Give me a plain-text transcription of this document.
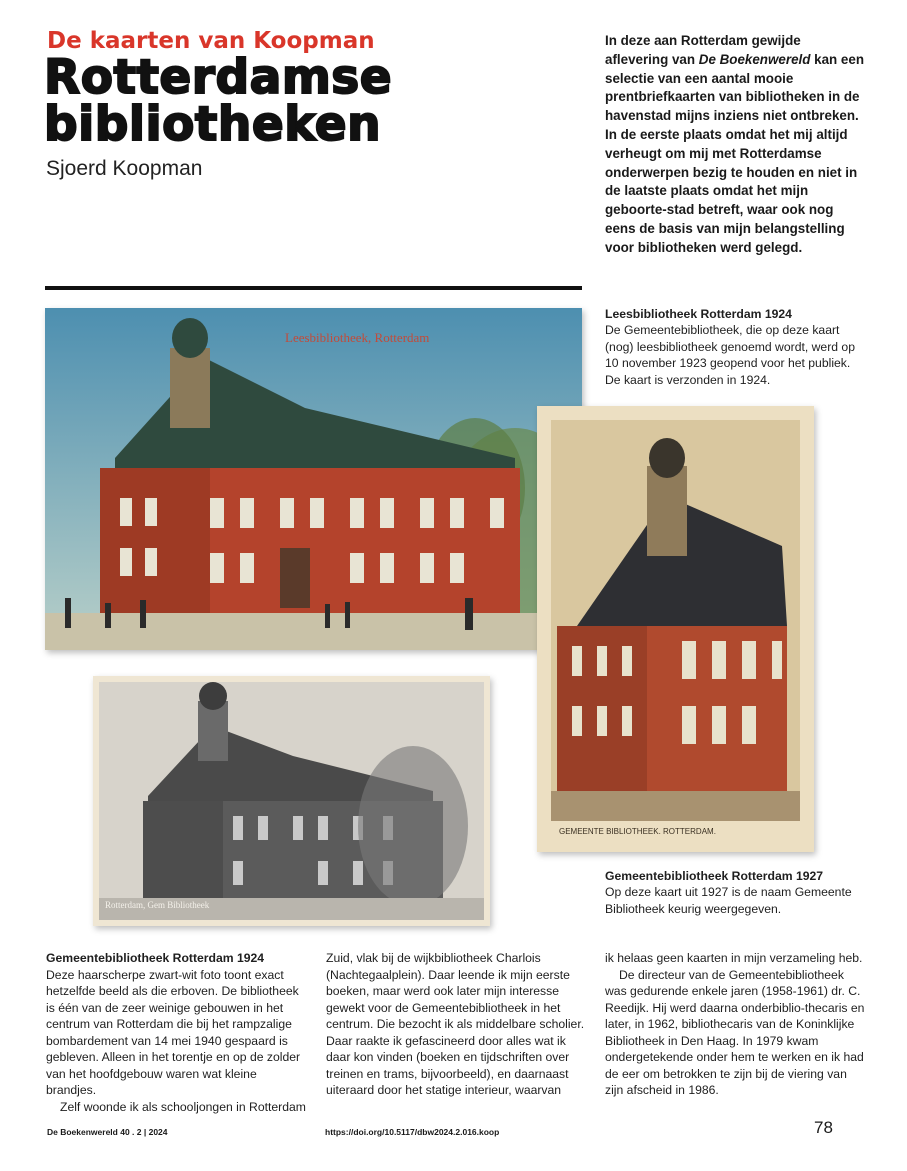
De kaarten van Koopman
Rotterdamse
bibliotheken
Sjoerd Koopman
In deze aan Rotterdam gewijde aflevering van De Boekenwereld kan een selectie van een aantal mooie prentbriefkaarten van bibliotheken in de havenstad mijns inziens niet ontbreken. In de eerste plaats omdat het mij altijd verheugt om mij met Rotterdamse onderwerpen bezig te houden en niet in de laatste plaats omdat het mijn geboorte-stad betreft, waar ook nog eens de basis van mijn belangstelling voor bibliotheken werd gelegd.
Leesbibliotheek, Rotterdam
GEMEENTE BIBLIOTHEEK. ROTTERDAM.
Rotterdam, Gem Bibliotheek
Leesbibliotheek Rotterdam 1924
De Gemeentebibliotheek, die op deze kaart (nog) leesbibliotheek genoemd wordt, werd op 10 november 1923 geopend voor het publiek. De kaart is verzonden in 1924.
Gemeentebibliotheek Rotterdam 1927
Op deze kaart uit 1927 is de naam Gemeente Bibliotheek keurig weergegeven.

Gemeentebibliotheek Rotterdam 1924

Deze haarscherpe zwart-wit foto toont exact hetzelfde beeld als die erboven. De bibliotheek is één van de zeer weinige gebouwen in het centrum van Rotterdam die bij het rampzalige bombardement van 14 mei 1940 gespaard is gebleven. Alleen in het torentje en op de zolder van het hoofdgebouw waren wat kleine brandjes.

Zelf woonde ik als schooljongen in Rotterdam

Zuid, vlak bij de wijkbibliotheek Charlois (Nachtegaalplein). Daar leende ik mijn eerste boeken, maar werd ook later mijn interesse gewekt voor de Gemeentebibliotheek in het centrum. Die bezocht ik als middelbare scholier. Daar raakte ik gefascineerd door alles wat ik daar kon vinden (boeken en tijdschriften over treinen en trams, bijvoorbeeld), en daarnaast uiteraard door het statige interieur, waarvan

ik helaas geen kaarten in mijn verzameling heb.

De directeur van de Gemeentebibliotheek was gedurende enkele jaren (1958-1961) dr. C. Reedijk. Hij werd daarna onderbiblio-thecaris en later, in 1962, bibliothecaris van de Koninklijke Bibliotheek in Den Haag. In 1979 kwam ondergetekende onder hem te werken en ik had de eer om betrokken te zijn bij de viering van zijn afscheid in 1986.

De Boekenwereld 40 . 2 | 2024	https://doi.org/10.5117/dbw2024.2.016.koop	78
